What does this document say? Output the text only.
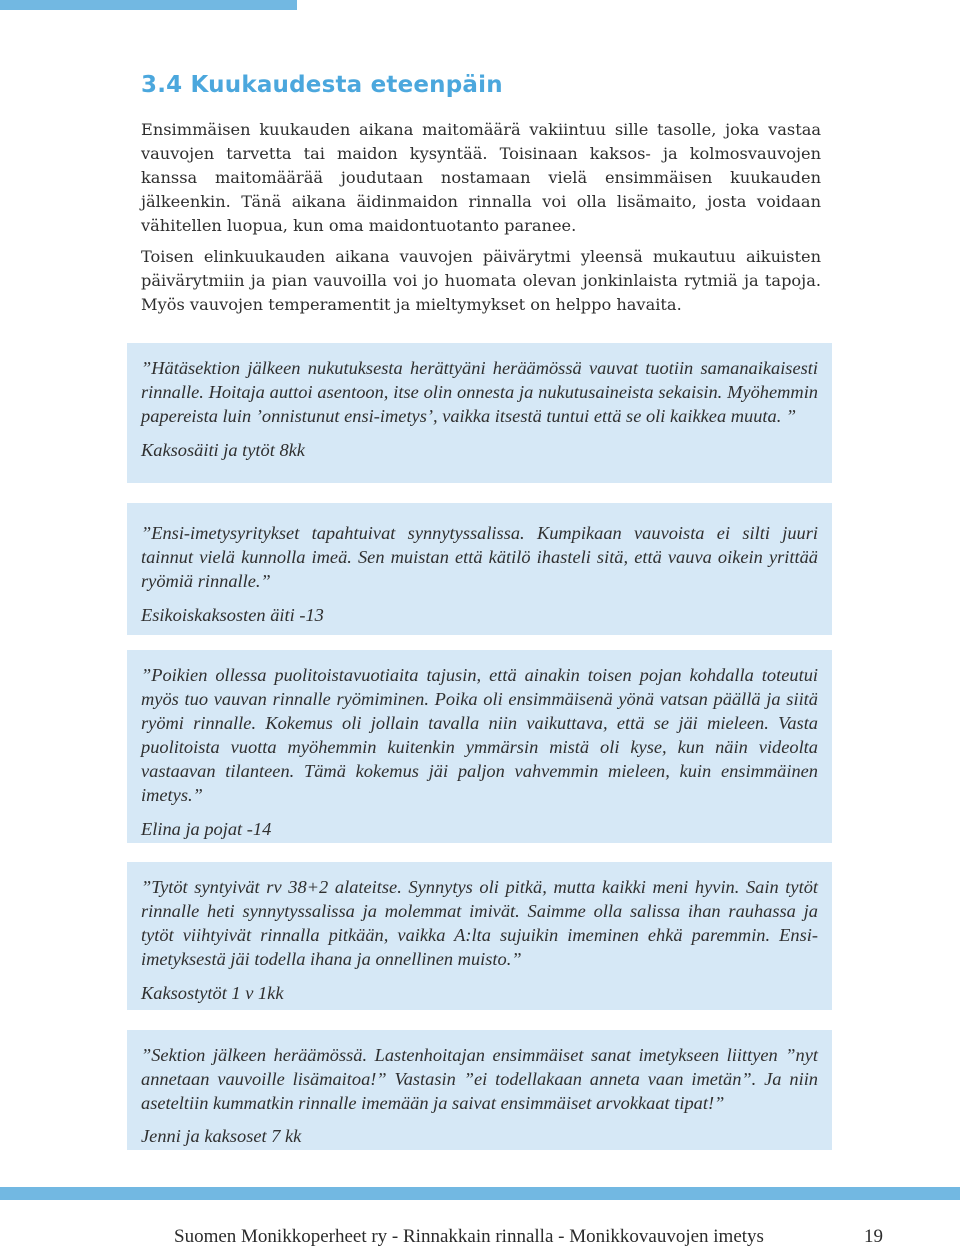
3.4 Kuukaudesta eteenpäin

Ensimmäisen kuukauden aikana maitomäärä vakiintuu sille tasolle, joka vastaa vauvojen tarvetta tai maidon kysyntää. Toisinaan kaksos- ja kolmosvauvojen kanssa maitomäärää joudutaan nostamaan vielä ensimmäisen kuukauden jälkeenkin. Tänä aikana äidinmaidon rinnalla voi olla lisämaito, josta voidaan vähitellen luopua, kun oma maidontuotanto paranee.

Toisen elinkuukauden aikana vauvojen päivärytmi yleensä mukautuu aikuisten päivärytmiin ja pian vauvoilla voi jo huomata olevan jonkinlaista rytmiä ja tapoja. Myös vauvojen temperamentit ja mieltymykset on helppo havaita.

”Hätäsektion jälkeen nukutuksesta herättyäni heräämössä vauvat tuotiin samanaikaisesti rinnalle. Hoitaja auttoi asentoon, itse olin onnesta ja nukutusaineista sekaisin. Myöhemmin papereista luin ’onnistunut ensi-imetys’, vaikka itsestä tuntui että se oli kaikkea muuta. ”

Kaksosäiti ja tytöt 8kk

”Ensi-imetysyritykset tapahtuivat synnytyssalissa. Kumpikaan vauvoista ei silti juuri tainnut vielä kunnolla imeä. Sen muistan että kätilö ihasteli sitä, että vauva oikein yrittää ryömiä rinnalle.”

Esikoiskaksosten äiti -13

”Poikien ollessa puolitoistavuotiaita tajusin, että ainakin toisen pojan kohdalla toteutui myös tuo vauvan rinnalle ryömiminen. Poika oli ensimmäisenä yönä vatsan päällä ja siitä ryömi rinnalle. Kokemus oli jollain tavalla niin vaikuttava, että se jäi mieleen. Vasta puolitoista vuotta myöhemmin kuitenkin ymmärsin mistä oli kyse, kun näin videolta vastaavan tilanteen. Tämä kokemus jäi paljon vahvemmin mieleen, kuin ensimmäinen imetys.”

Elina ja pojat -14

”Tytöt syntyivät rv 38+2 alateitse. Synnytys oli pitkä, mutta kaikki meni hyvin. Sain tytöt rinnalle heti synnytyssalissa ja molemmat imivät. Saimme olla salissa ihan rauhassa ja tytöt viihtyivät rinnalla pitkään, vaikka A:lta sujuikin imeminen ehkä paremmin. Ensi-imetyksestä jäi todella ihana ja onnellinen muisto.”

Kaksostytöt 1 v 1kk

”Sektion jälkeen heräämössä. Lastenhoitajan ensimmäiset sanat imetykseen liittyen ”nyt annetaan vauvoille lisämaitoa!” Vastasin ”ei todellakaan anneta vaan imetän”. Ja niin aseteltiin kummatkin rinnalle imemään ja saivat ensimmäiset arvokkaat tipat!”

Jenni ja kaksoset 7 kk

Suomen Monikkoperheet ry - Rinnakkain rinnalla - Monikkovauvojen imetys	19
